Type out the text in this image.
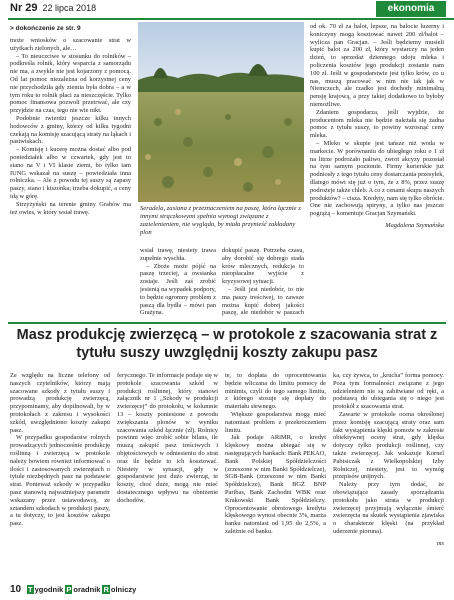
Nr 29 22 lipca 2018	ekonomia
> dokończenie ze str. 9

może wniosków o szacowanie strat w użytkach zielonych, ale…

– To nieuczciwe w stosunku do rolników – podkreśla rolnik, który wsparcia z samorządu nie ma, a zwykle nie jest kojarzony z pomocą. Od lat pomoc niezależna od korzystnej ceny nie przychodziła gdy ziemia była dobra – a w tym roku to rolnik płaci za nieszczęście. Tylko pomoc finansowa pozwoli przetrwać, ale czy przyjdzie na czas, tego nie wie nikt.

Podobnie twierdzi jeszcze kilku innych hodowców z gminy, którzy od kilku tygodni czekają na komisję szacującą straty na łąkach i pastwiskach.

– Komisję i kucerę można dostać albo pod poniedziałek albo w czwartek, gdy jest to siano na V i VI klasie ziemi, bo tylko tam IUNG wskazał na suszę – powiedziała inna rolniczka. – Ale z powodu tej suszy są zapasy paszy, siano i kiszonka; trzeba dokupić, a ceny idą w górę.

Strzyżyński na terenie gminy Grabów ma też owies, w który wsiał trawę.

Seradela, zasiana z przeznaczeniem na paszę, która łącznie z innymi strączkowymi spełnia wymogi związane z zazielenieniem, nie wygląda, by miała przynieść zakładany plon

wsiał trawę, niestety trawa zupełnie wyschła.

– Zboże może pójść na paszę trzeciej, a owsianka zostaje. Jeśli zaś zrobić jesienią na wypadek podpory, to będzie ogromny problem z paszą dla bydła – mówi pan Grażyna.

dokupić paszę. Potrzeba czasu, aby dorobić się dobrego stada krów mlecznych, redukcja to nieopłacalne wyjście z kryzysowej sytuacji.

– Jeśli jest niedobór, to nie ma paszy treściwej, to zawsze można kupić dobrej jakości paszę, ale niedobór w paszach

od ok. 70 zł za balot, lepsze, na balocie luzerny i koniczyny mogą kosztować nawet 200 zł/balot – wylicza pan Gracjan. – Jeśli będziemy musieli kupić balot za 200 zł, który wystarczy na jeden dzień, to sprzedaż dziennego udoju mleka i policzenia kosztów jego produkcji zostanie nam 100 zł. Jeśli w gospodarstwie jest tylko krów, co u nas, muszą pracować w nim nie tak jak w Niemczech, ale rzadko jest dochody minimalną pensję krajową, a przy takiej dodatkowo to byłoby niemożliwe.

Zdaniem gospodarza, jeśli wyjdzie, że producentom mleka nie będzie należała się żadna pomoc z tytułu suszy, to powiny wzrosnąć ceny mleka.

– Mleko w skupie jest tańsze niż woda w markecie. W porównaniu do ubiegłego roku o 1 zł na litrze podrożało paliwo, zwrot akcyzy pozostał na tym samym poziomie. Firmy kurierskie już podniosły z tego tytułu ceny dostarczania przesyłek, dlatego mówi się już o tym, że z 8%, przez suszę podrożeje także chleb. A co z cenami skupu naszych produktów? – cisza. Kredyty, nam się tylko obrócie. One nie zachowują spiryny, a tylko nas jeszcze pogrążą – komentuje Gracjan Szymański.

Magdalena Szymańska
Masz produkcję zwierzęcą – w protokole z szacowania strat z tytułu suszy uwzględnij koszty zakupu pasz

Ze względu na liczne telefony od naszych czytelników, którzy mają szacowane szkody z tytułu suszy i prowadzą produkcję zwierzęcą, przypominamy, aby dopilnowali, by w protokołach z zakresu i wysokości szkód, uwzględniono koszty zakupu pasz.

W przypadku gospodarstw rolnych prowadzących jednocześnie produkcję roślinną i zwierzęcą w protokole należy bowiem również informować o ilości i zastosowanych zwierzętach o tytule niezbędnych pasz na podstawie strat. Ponieważ szkody w przypadku pasz stanowią najważniejszy parametr wskazany przez ustawodawcę, ze sztandem szkodach w produkcji paszy, a tu dotyczy, to jest kosztów zakupu pasz.

ferycznego. Te informacje podaje się w protokole szacowania szkód w produkcji roślinnej, który stanowi załącznik nr 1 „Szkody w produkcji zwierzęcej” do protokołu, w kolumnie 13 – koszty poniesione z powodu zwiększania plonów w wyniku szacowania szkód łącznie (zł). Rolnicy powinni więc zrobić sobie bilans, ile muszą zakupić pasz treściwych i objętościowych w odniesieniu do strat oraz ile będzie to ich kosztować. Niestety w sytuacji, gdy w gospodarstwie jest dużo zwierząt, te koszty, choć duże, mogą nie mieć dostatecznego wpływu na obniżenie dochodów.

te, to dopłata do oprocentowania będzie wliczana do limitu pomocy de minimis, czyli do tego samego limitu, z którego stosuje się dopłaty do materiału siewnego.

Większe gospodarstwa mogą mieć natomiast problem z przekroczeniem limitu.

Jak podaje ARiMR, o kredyt klęskowy można ubiegać się w następujących bankach: Bank PEKAO, Bank Polskiej Spółdzielczości (zrzeszone w nim Banki Spółdzielcze), SGB-Bank (zrzeszone w nim Banki Spółdzielcze), Bank BGŻ BNP Paribas, Bank Zachodni WBK oraz Krakowski Bank Spółdzielczy. Oprocentowanie obrotowego kredytu klęskowego wynosi obecnie 3%, marża banku natomiast od 1,95 do 2,5%, a zależnie od banku.

ka, czy żywca, to „krucha” forma pomocy. Poza tym formalności związane z jego udzieleniem nie są zabitwiane od ręki, a podstawą do ubiegania się o niego jest protokół z szacowania strat.

Zawarte w protokole ocena określonej przez komisję szacującą straty oraz sam fakt wystąpienia klęski pomoże w zakresie obiektywnej oceny strat, gdy klęska dotyczy tylko produkcji roślinnej, czy także zwierzęcej. Jak wskazuje Kornel Pabisiczak z Wielkopolskiej Izby Rolniczej, niestety, jest to wymóg przepisów unijnych.

Należy przy tym dodać, że obowiązujące zasady sporządzania protokołu jako strata w produkcji zwierzęcej przyjmują wyłącznie śmierć zwierzęcia na skutek wystąpienia zjawiska o charakterze klęski (na przykład uderzenie pioruna).

ms
10 T ygodnik P oradnik R olniczy
